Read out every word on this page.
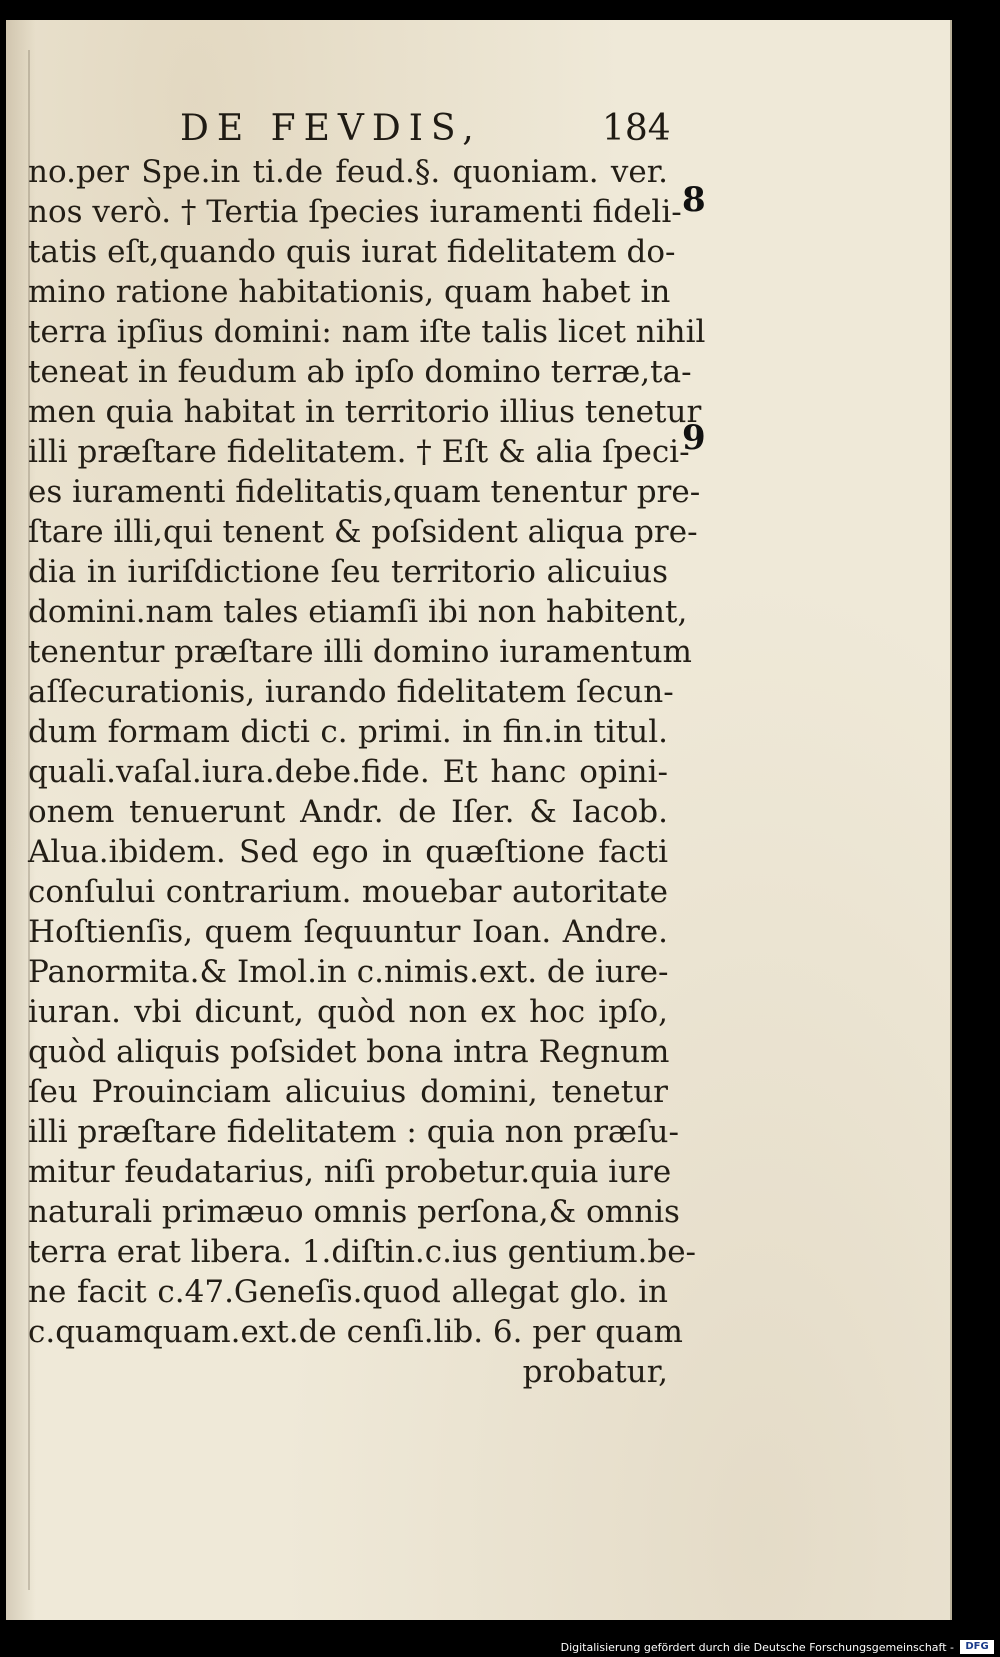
DE FEVDIS,	184
no.per Spe.in ti.de feud.§. quoniam. ver.
nos verò. † Tertia ſpecies iuramenti fideli-
tatis eſt,quando quis iurat fidelitatem do-
mino ratione habitationis, quam habet in
terra ipſius domini: nam iſte talis licet nihil
teneat in feudum ab ipſo domino terræ,ta-
men quia habitat in territorio illius tenetur
illi præſtare fidelitatem. † Eſt & alia ſpeci-
es iuramenti fidelitatis,quam tenentur pre-
ſtare illi,qui tenent & poſsident aliqua pre-
dia in iuriſdictione ſeu territorio alicuius
domini.nam tales etiamſi ibi non habitent,
tenentur præſtare illi domino iuramentum
aſſecurationis, iurando fidelitatem ſecun-
dum formam dicti c. primi. in fin.in titul.
quali.vaſal.iura.debe.fide. Et hanc opini-
onem tenuerunt Andr. de Iſer. & Iacob.
Alua.ibidem. Sed ego in quæſtione facti
conſului contrarium. mouebar autoritate
Hoſtienſis, quem ſequuntur Ioan. Andre.
Panormita.& Imol.in c.nimis.ext. de iure-
iuran. vbi dicunt, quòd non ex hoc ipſo,
quòd aliquis poſsidet bona intra Regnum
ſeu Prouinciam alicuius domini, tenetur
illi præſtare fidelitatem : quia non præſu-
mitur feudatarius, niſi probetur.quia iure
naturali primæuo omnis perſona,& omnis
terra erat libera. 1.diſtin.c.ius gentium.be-
ne facit c.47.Geneſis.quod allegat glo. in
c.quamquam.ext.de cenſi.lib. 6. per quam
probatur,
8
9
Digitalisierung gefördert durch die Deutsche Forschungsgemeinschaft -	DFG
